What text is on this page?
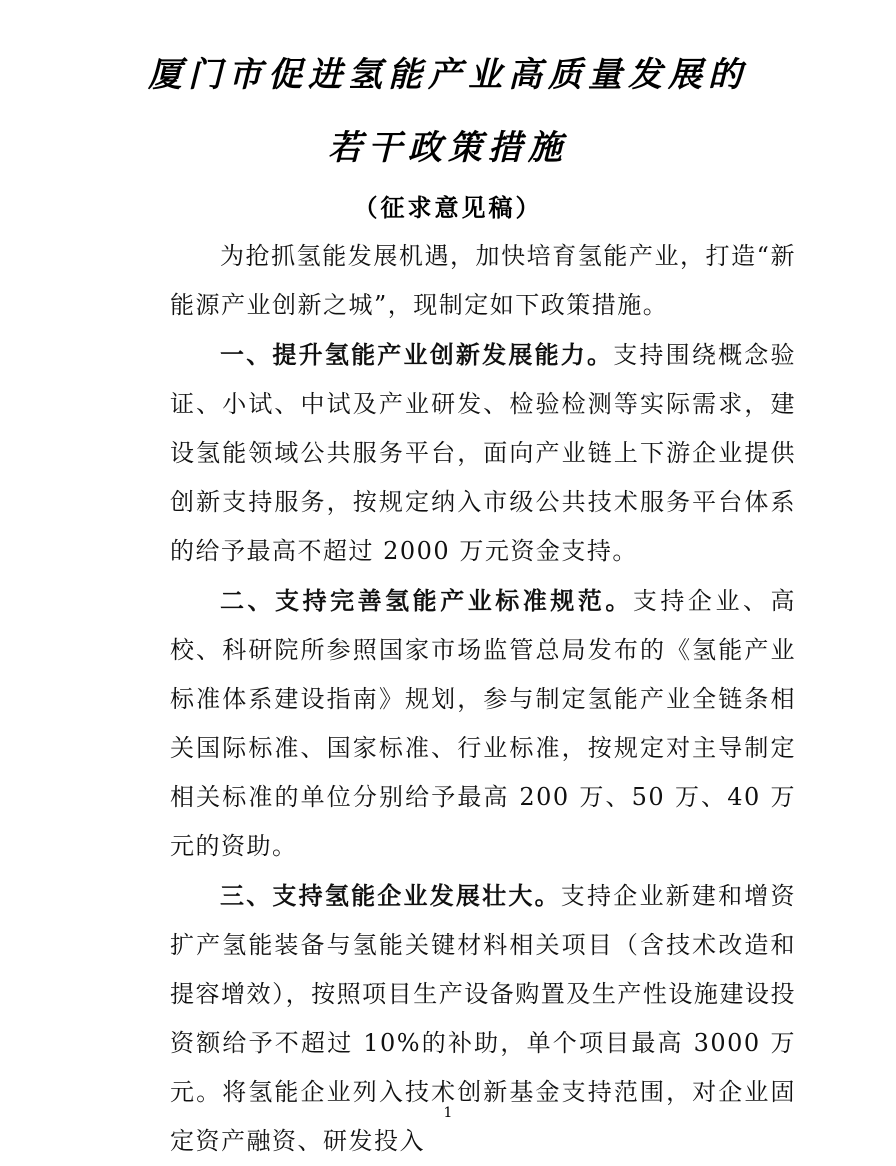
厦门市促进氢能产业高质量发展的
若干政策措施
（征求意见稿）

为抢抓氢能发展机遇，加快培育氢能产业，打造“新能源产业创新之城”，现制定如下政策措施。

一、提升氢能产业创新发展能力。支持围绕概念验证、小试、中试及产业研发、检验检测等实际需求，建设氢能领域公共服务平台，面向产业链上下游企业提供创新支持服务，按规定纳入市级公共技术服务平台体系的给予最高不超过 2000 万元资金支持。

二、支持完善氢能产业标准规范。支持企业、高校、科研院所参照国家市场监管总局发布的《氢能产业标准体系建设指南》规划，参与制定氢能产业全链条相关国际标准、国家标准、行业标准，按规定对主导制定相关标准的单位分别给予最高 200 万、50 万、40 万元的资助。

三、支持氢能企业发展壮大。支持企业新建和增资扩产氢能装备与氢能关键材料相关项目（含技术改造和提容增效），按照项目生产设备购置及生产性设施建设投资额给予不超过 10%的补助，单个项目最高 3000 万元。将氢能企业列入技术创新基金支持范围，对企业固定资产融资、研发投入

1
